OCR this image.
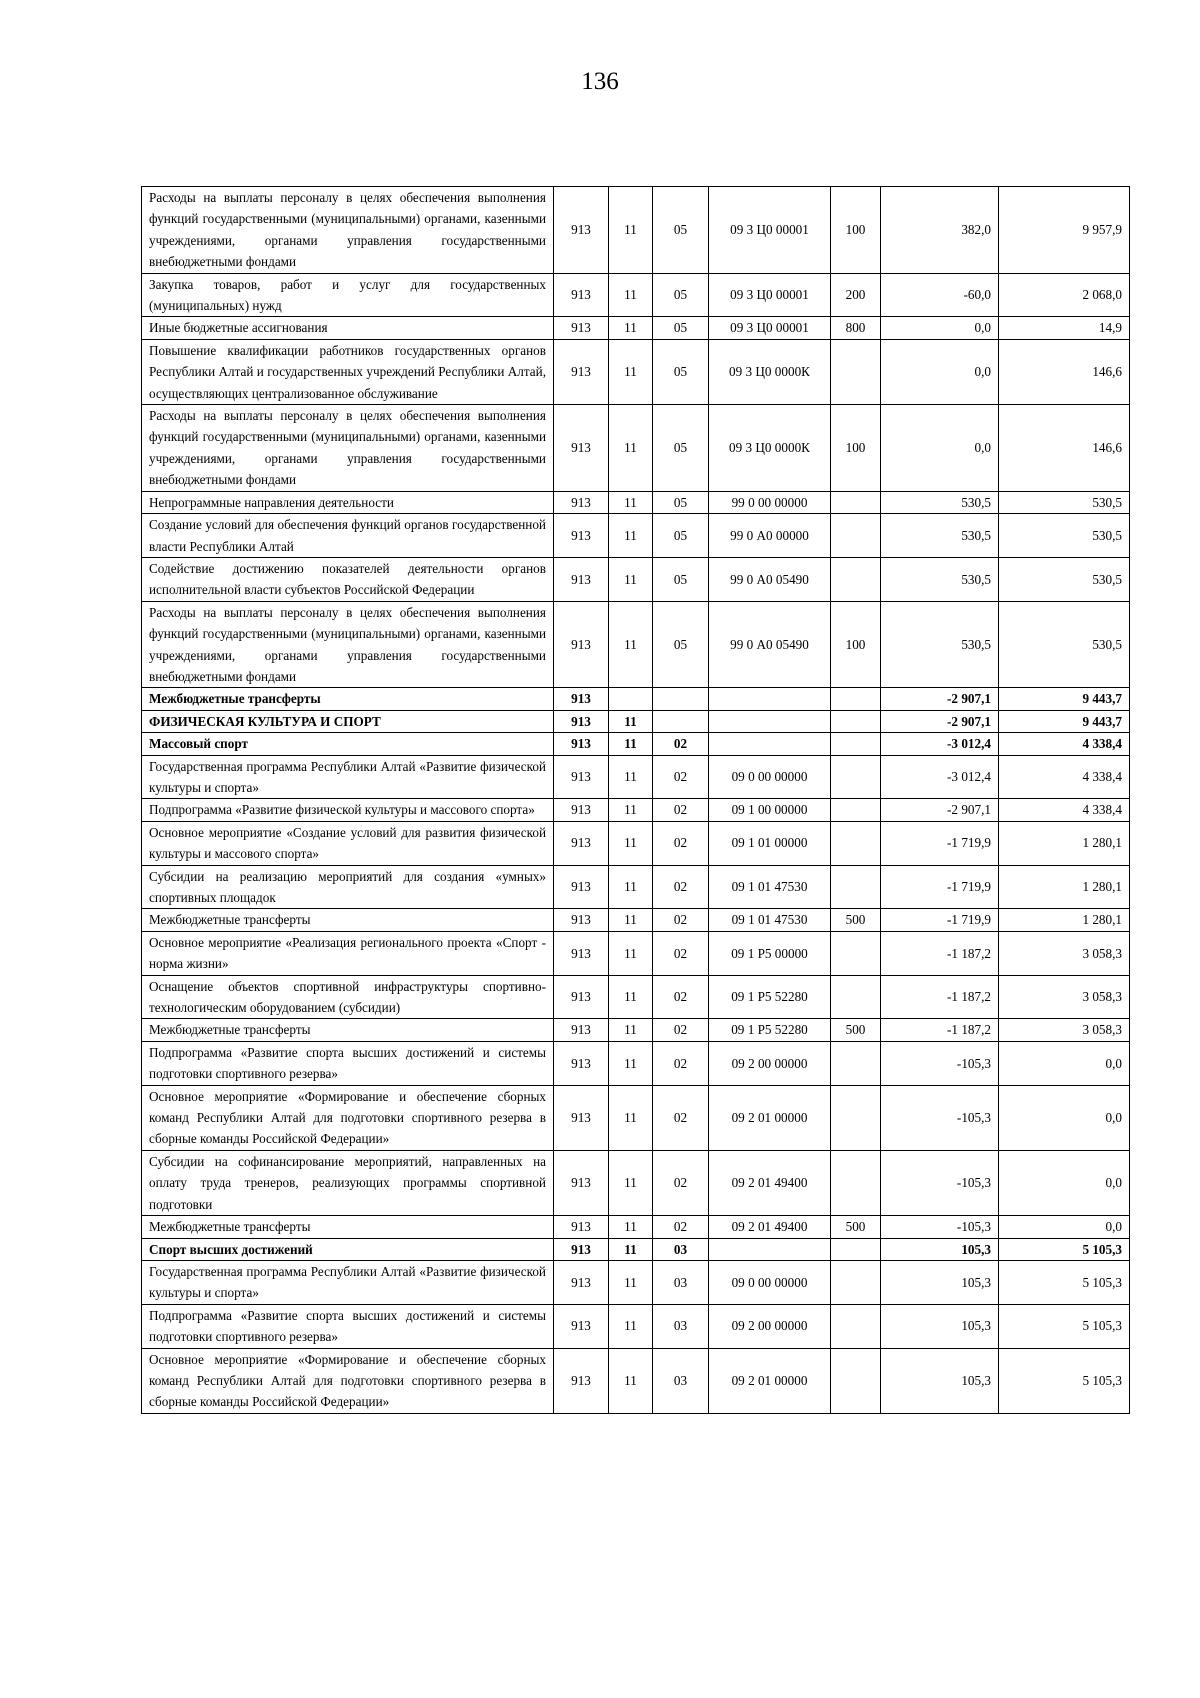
136
Расходы на выплаты персоналу в целях обеспечения выполнения функций государственными (муниципальными) органами, казенными учреждениями, органами управления государственными внебюджетными фондами	913	11	05	09 3 Ц0 00001	100	382,0	9 957,9
Закупка товаров, работ и услуг для государственных (муниципальных) нужд	913	11	05	09 3 Ц0 00001	200	-60,0	2 068,0
Иные бюджетные ассигнования	913	11	05	09 3 Ц0 00001	800	0,0	14,9
Повышение квалификации работников государственных органов Республики Алтай и государственных учреждений Республики Алтай, осуществляющих централизованное обслуживание	913	11	05	09 3 Ц0 0000К		0,0	146,6
Расходы на выплаты персоналу в целях обеспечения выполнения функций государственными (муниципальными) органами, казенными учреждениями, органами управления государственными внебюджетными фондами	913	11	05	09 3 Ц0 0000К	100	0,0	146,6
Непрограммные направления деятельности	913	11	05	99 0 00 00000		530,5	530,5
Создание условий для обеспечения функций органов государственной власти Республики Алтай	913	11	05	99 0 А0 00000		530,5	530,5
Содействие достижению показателей деятельности органов исполнительной власти субъектов Российской Федерации	913	11	05	99 0 А0 05490		530,5	530,5
Расходы на выплаты персоналу в целях обеспечения выполнения функций государственными (муниципальными) органами, казенными учреждениями, органами управления государственными внебюджетными фондами	913	11	05	99 0 А0 05490	100	530,5	530,5
Межбюджетные трансферты	913					-2 907,1	9 443,7
ФИЗИЧЕСКАЯ КУЛЬТУРА И СПОРТ	913	11				-2 907,1	9 443,7
Массовый спорт	913	11	02			-3 012,4	4 338,4
Государственная программа Республики Алтай «Развитие физической культуры и спорта»	913	11	02	09 0 00 00000		-3 012,4	4 338,4
Подпрограмма «Развитие физической культуры и массового спорта»	913	11	02	09 1 00 00000		-2 907,1	4 338,4
Основное мероприятие «Создание условий для развития физической культуры и массового спорта»	913	11	02	09 1 01 00000		-1 719,9	1 280,1
Субсидии на реализацию мероприятий для создания «умных» спортивных площадок	913	11	02	09 1 01 47530		-1 719,9	1 280,1
Межбюджетные трансферты	913	11	02	09 1 01 47530	500	-1 719,9	1 280,1
Основное мероприятие «Реализация регионального проекта «Спорт - норма жизни»	913	11	02	09 1 Р5 00000		-1 187,2	3 058,3
Оснащение объектов спортивной инфраструктуры спортивно-технологическим оборудованием (субсидии)	913	11	02	09 1 Р5 52280		-1 187,2	3 058,3
Межбюджетные трансферты	913	11	02	09 1 Р5 52280	500	-1 187,2	3 058,3
Подпрограмма «Развитие спорта высших достижений и системы подготовки спортивного резерва»	913	11	02	09 2 00 00000		-105,3	0,0
Основное мероприятие «Формирование и обеспечение сборных команд Республики Алтай для подготовки спортивного резерва в сборные команды Российской Федерации»	913	11	02	09 2 01 00000		-105,3	0,0
Субсидии на софинансирование мероприятий, направленных на оплату труда тренеров, реализующих программы спортивной подготовки	913	11	02	09 2 01 49400		-105,3	0,0
Межбюджетные трансферты	913	11	02	09 2 01 49400	500	-105,3	0,0
Спорт высших достижений	913	11	03			105,3	5 105,3
Государственная программа Республики Алтай «Развитие физической культуры и спорта»	913	11	03	09 0 00 00000		105,3	5 105,3
Подпрограмма «Развитие спорта высших достижений и системы подготовки спортивного резерва»	913	11	03	09 2 00 00000		105,3	5 105,3
Основное мероприятие «Формирование и обеспечение сборных команд Республики Алтай для подготовки спортивного резерва в сборные команды Российской Федерации»	913	11	03	09 2 01 00000		105,3	5 105,3
